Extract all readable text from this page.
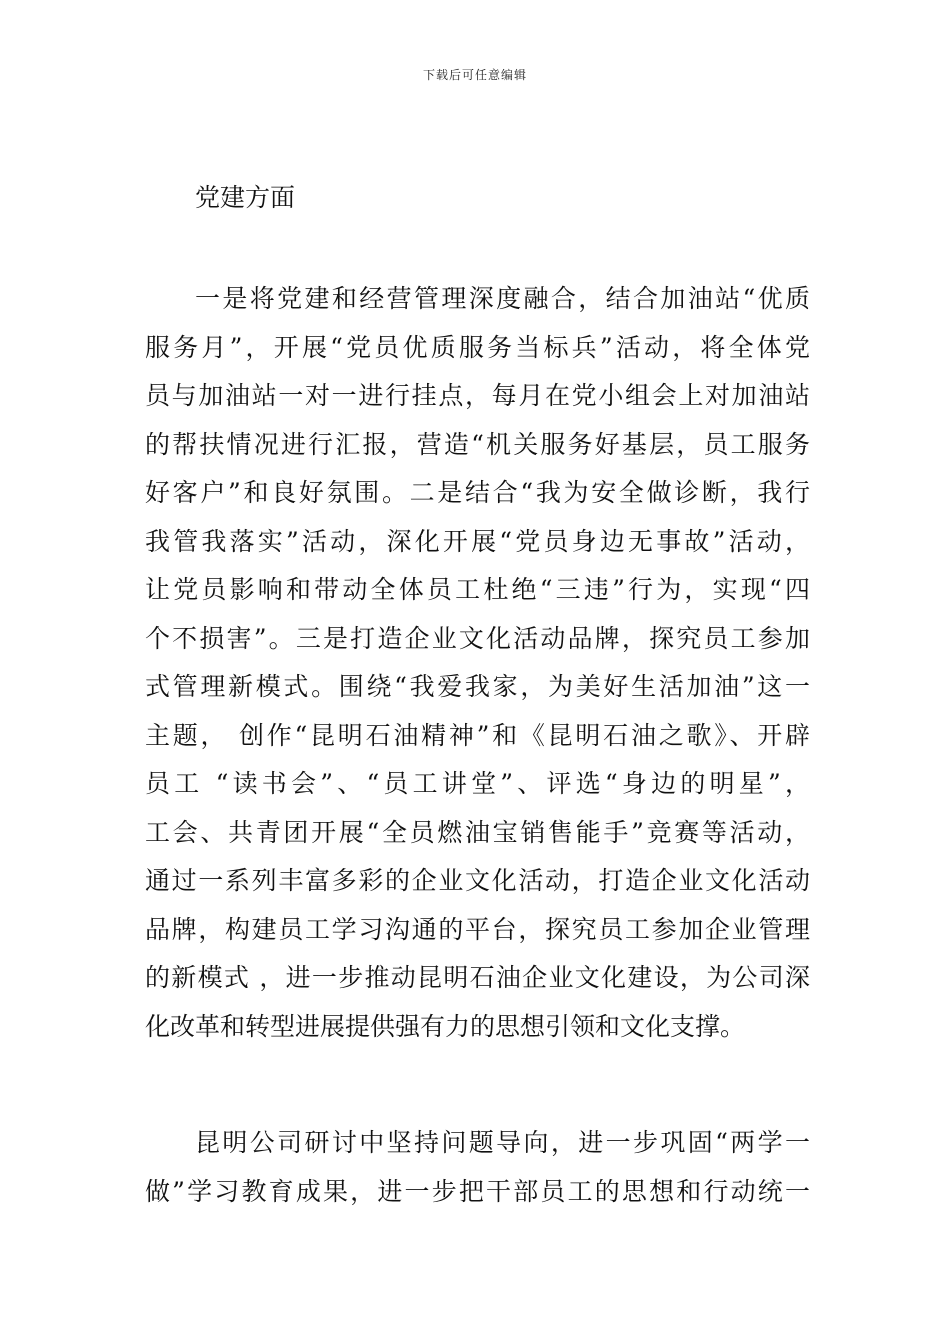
下载后可任意编辑
党建方面
一是将党建和经营管理深度融合，结合加油站“优质
服务月”，开展“党员优质服务当标兵”活动，将全体党
员与加油站一对一进行挂点，每月在党小组会上对加油站
的帮扶情况进行汇报，营造“机关服务好基层，员工服务
好客户”和良好氛围。二是结合“我为安全做诊断，我行
我管我落实”活动，深化开展“党员身边无事故”活动，
让党员影响和带动全体员工杜绝“三违”行为，实现“四
个不损害”。三是打造企业文化活动品牌，探究员工参加
式管理新模式。围绕“我爱我家，为美好生活加油”这一
主题， 创作“昆明石油精神”和《昆明石油之歌》、开辟
员工 “读书会”、“员工讲堂”、评选“身边的明星”，
工会、共青团开展“全员燃油宝销售能手”竞赛等活动，
通过一系列丰富多彩的企业文化活动，打造企业文化活动
品牌，构建员工学习沟通的平台，探究员工参加企业管理
的新模式 ，进一步推动昆明石油企业文化建设，为公司深
化改革和转型进展提供强有力的思想引领和文化支撑。
昆明公司研讨中坚持问题导向，进一步巩固“两学一
做”学习教育成果，进一步把干部员工的思想和行动统一
